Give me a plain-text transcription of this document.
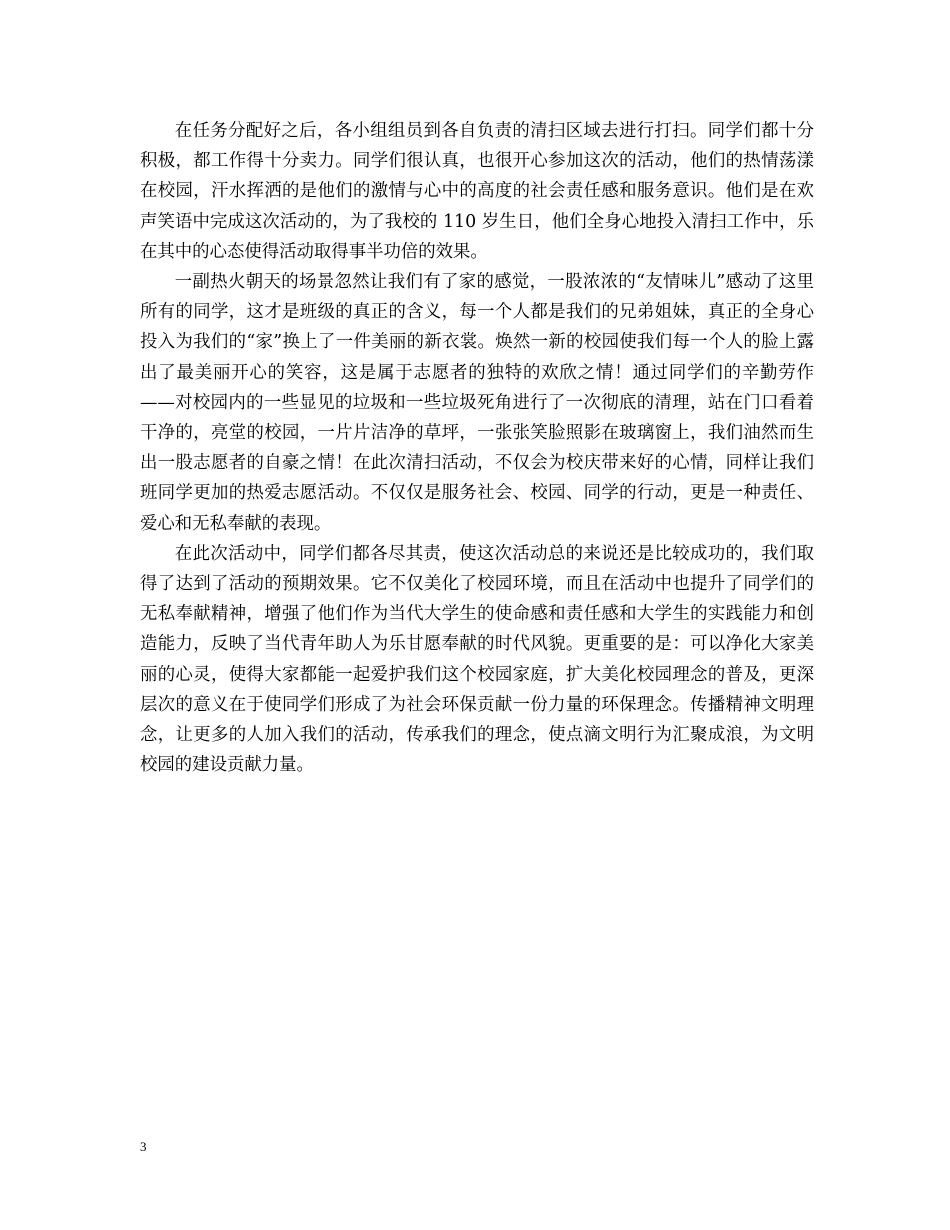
在任务分配好之后，各小组组员到各自负责的清扫区域去进行打扫。同学们都十分积极，都工作得十分卖力。同学们很认真，也很开心参加这次的活动，他们的热情荡漾在校园，汗水挥洒的是他们的激情与心中的高度的社会责任感和服务意识。他们是在欢声笑语中完成这次活动的，为了我校的 110 岁生日，他们全身心地投入清扫工作中，乐在其中的心态使得活动取得事半功倍的效果。

一副热火朝天的场景忽然让我们有了家的感觉，一股浓浓的“友情味儿”感动了这里所有的同学，这才是班级的真正的含义，每一个人都是我们的兄弟姐妹，真正的全身心投入为我们的“家”换上了一件美丽的新衣裳。焕然一新的校园使我们每一个人的脸上露出了最美丽开心的笑容，这是属于志愿者的独特的欢欣之情！通过同学们的辛勤劳作——对校园内的一些显见的垃圾和一些垃圾死角进行了一次彻底的清理，站在门口看着干净的，亮堂的校园，一片片洁净的草坪，一张张笑脸照影在玻璃窗上，我们油然而生出一股志愿者的自豪之情！在此次清扫活动，不仅会为校庆带来好的心情，同样让我们班同学更加的热爱志愿活动。不仅仅是服务社会、校园、同学的行动，更是一种责任、爱心和无私奉献的表现。

在此次活动中，同学们都各尽其责，使这次活动总的来说还是比较成功的，我们取得了达到了活动的预期效果。它不仅美化了校园环境，而且在活动中也提升了同学们的无私奉献精神，增强了他们作为当代大学生的使命感和责任感和大学生的实践能力和创造能力，反映了当代青年助人为乐甘愿奉献的时代风貌。更重要的是：可以净化大家美丽的心灵，使得大家都能一起爱护我们这个校园家庭，扩大美化校园理念的普及，更深层次的意义在于使同学们形成了为社会环保贡献一份力量的环保理念。传播精神文明理念，让更多的人加入我们的活动，传承我们的理念，使点滴文明行为汇聚成浪，为文明校园的建设贡献力量。

3
